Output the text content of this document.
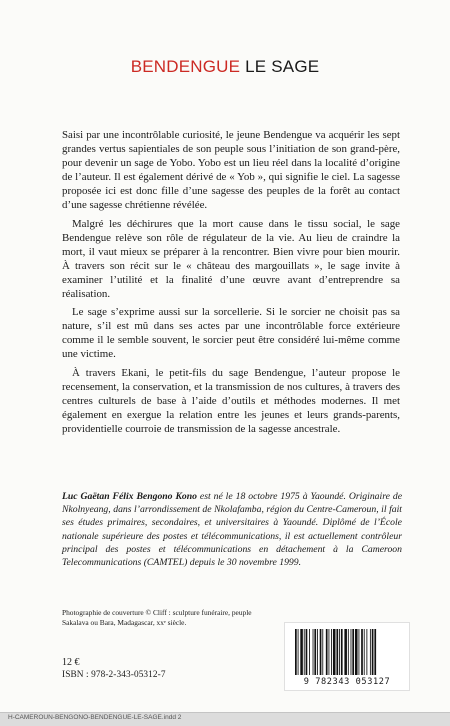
BENDENGUE LE SAGE

Saisi par une incontrôlable curiosité, le jeune Bendengue va acquérir les sept grandes vertus sapientiales de son peuple sous l’initiation de son grand-père, pour devenir un sage de Yobo. Yobo est un lieu réel dans la localité d’origine de l’auteur. Il est également dérivé de « Yob », qui signifie le ciel. La sagesse proposée ici est donc fille d’une sagesse des peuples de la forêt au contact d’une sagesse chrétienne révélée.

Malgré les déchirures que la mort cause dans le tissu social, le sage Bendengue relève son rôle de régulateur de la vie. Au lieu de craindre la mort, il vaut mieux se préparer à la rencontrer. Bien vivre pour bien mourir. À travers son récit sur le « château des margouillats », le sage invite à examiner l’utilité et la finalité d’une œuvre avant d’entreprendre sa réalisation.

Le sage s’exprime aussi sur la sorcellerie. Si le sorcier ne choisit pas sa nature, s’il est mû dans ses actes par une incontrôlable force extérieure comme il le semble souvent, le sorcier peut être considéré lui-même comme une victime.

À travers Ekani, le petit-fils du sage Bendengue, l’auteur propose le recensement, la conservation, et la transmission de nos cultures, à travers des centres culturels de base à l’aide d’outils et méthodes modernes. Il met également en exergue la relation entre les jeunes et leurs grands-parents, providentielle courroie de transmission de la sagesse ancestrale.

Luc Gaëtan Félix Bengono Kono est né le 18 octobre 1975 à Yaoundé. Originaire de Nkolnyeang, dans l’arrondissement de Nkolafamba, région du Centre-Cameroun, il fait ses études primaires, secondaires, et universitaires à Yaoundé. Diplômé de l’École nationale supérieure des postes et télécommunications, il est actuellement contrôleur principal des postes et télécommunications en détachement à la Cameroon Telecommunications (CAMTEL) depuis le 30 novembre 1999.
Photographie de couverture © Cliff : sculpture funéraire, peuple Sakalava ou Bara, Madagascar, xxᵉ siècle.
12 €
ISBN : 978-2-343-05312-7
9 782343 053127
H-CAMEROUN-BENGONO-BENDENGUE-LE-SAGE.indd 2
